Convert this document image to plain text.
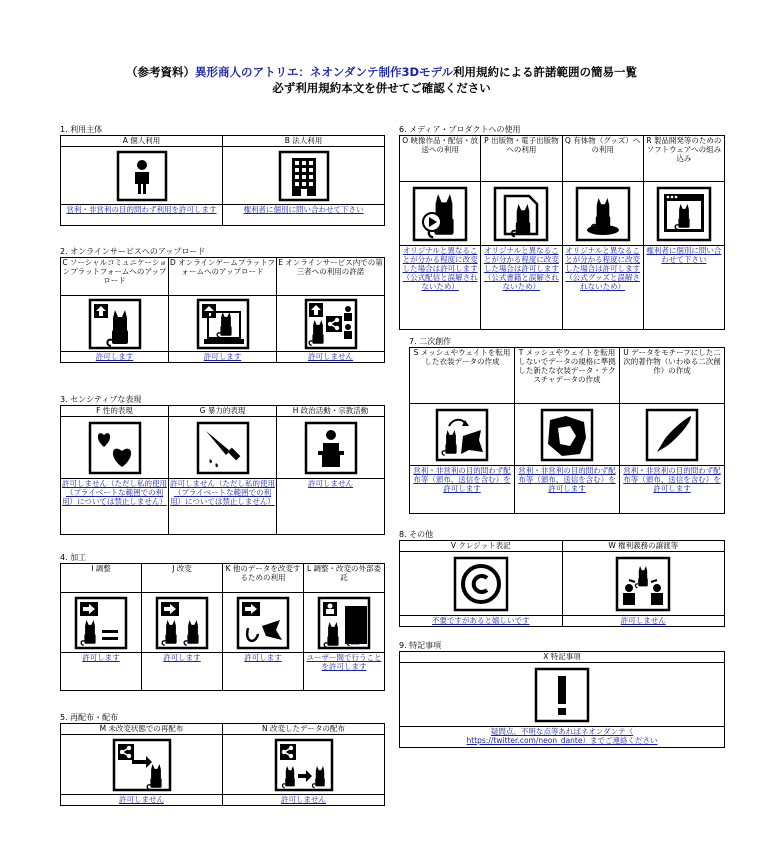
（参考資料）異形商人のアトリエ：ネオンダンテ制作3Dモデル利用規約による許諾範囲の簡易一覧
必ず利用規約本文を併せてご確認ください
1. 利用主体
A 個人利用	B 法人利用

営利・非営利の目的問わず利用を許可します	権利者に個別に問い合わせて下さい
2. オンラインサービスへのアップロード
C ソーシャルコミュニケーションプラットフォームへのアップロード	D オンラインゲームプラットフォームへのアップロード	E オンラインサービス内での第三者への利用の許諾

許可します	許可します	許可しません
3. センシティブな表現
F 性的表現	G 暴力的表現	H 政治活動・宗教活動

許可しません（ただし私的使用（プライベートな範囲での利用）については禁止しません）	許可しません（ただし私的使用（プライベートな範囲での利用）については禁止しません）	許可しません
4. 加工
I 調整	J 改変	K 他のデータを改変するための利用	L 調整・改変の外部委託

許可します	許可します	許可します	ユーザー間で行うことを許可します
5. 再配布・配布
M 未改変状態での再配布	N 改変したデータの配布

許可しません	許可しません
6. メディア・プロダクトへの使用
O 映像作品・配信・放送への利用	P 出版物・電子出版物への利用	Q 有体物（グッズ）への利用	R 製品開発等のためのソフトウェアへの組み込み

オリジナルと異なることが分かる程度に改変した場合は許可します（公式配信と誤解されないため）	オリジナルと異なることが分かる程度に改変した場合は許可します（公式書籍と誤解されないため）	オリジナルと異なることが分かる程度に改変した場合は許可します（公式グッズと誤解されないため）	権利者に個別に問い合わせて下さい
7. 二次創作
S メッシュやウェイトを転用した衣装データの作成	T メッシュやウェイトを転用しないでデータの規格に準拠した新たな衣装データ・テクスチャデータの作成	U データをモチーフにした二次的著作物（いわゆる二次創作）の作成

営利・非営利の目的問わず配布等（頒布、送信を含む）を許可します	営利・非営利の目的問わず配布等（頒布、送信を含む）を許可します	営利・非営利の目的問わず配布等（頒布、送信を含む）を許可します
8. その他
V クレジット表記	W 権利義務の譲渡等

不要ですがあると嬉しいです	許可しません
9. 特記事項
X 特記事項

疑問点、不明な点等あればネオンダンテ（
https://twitter.com/neon_dante）までご連絡ください
